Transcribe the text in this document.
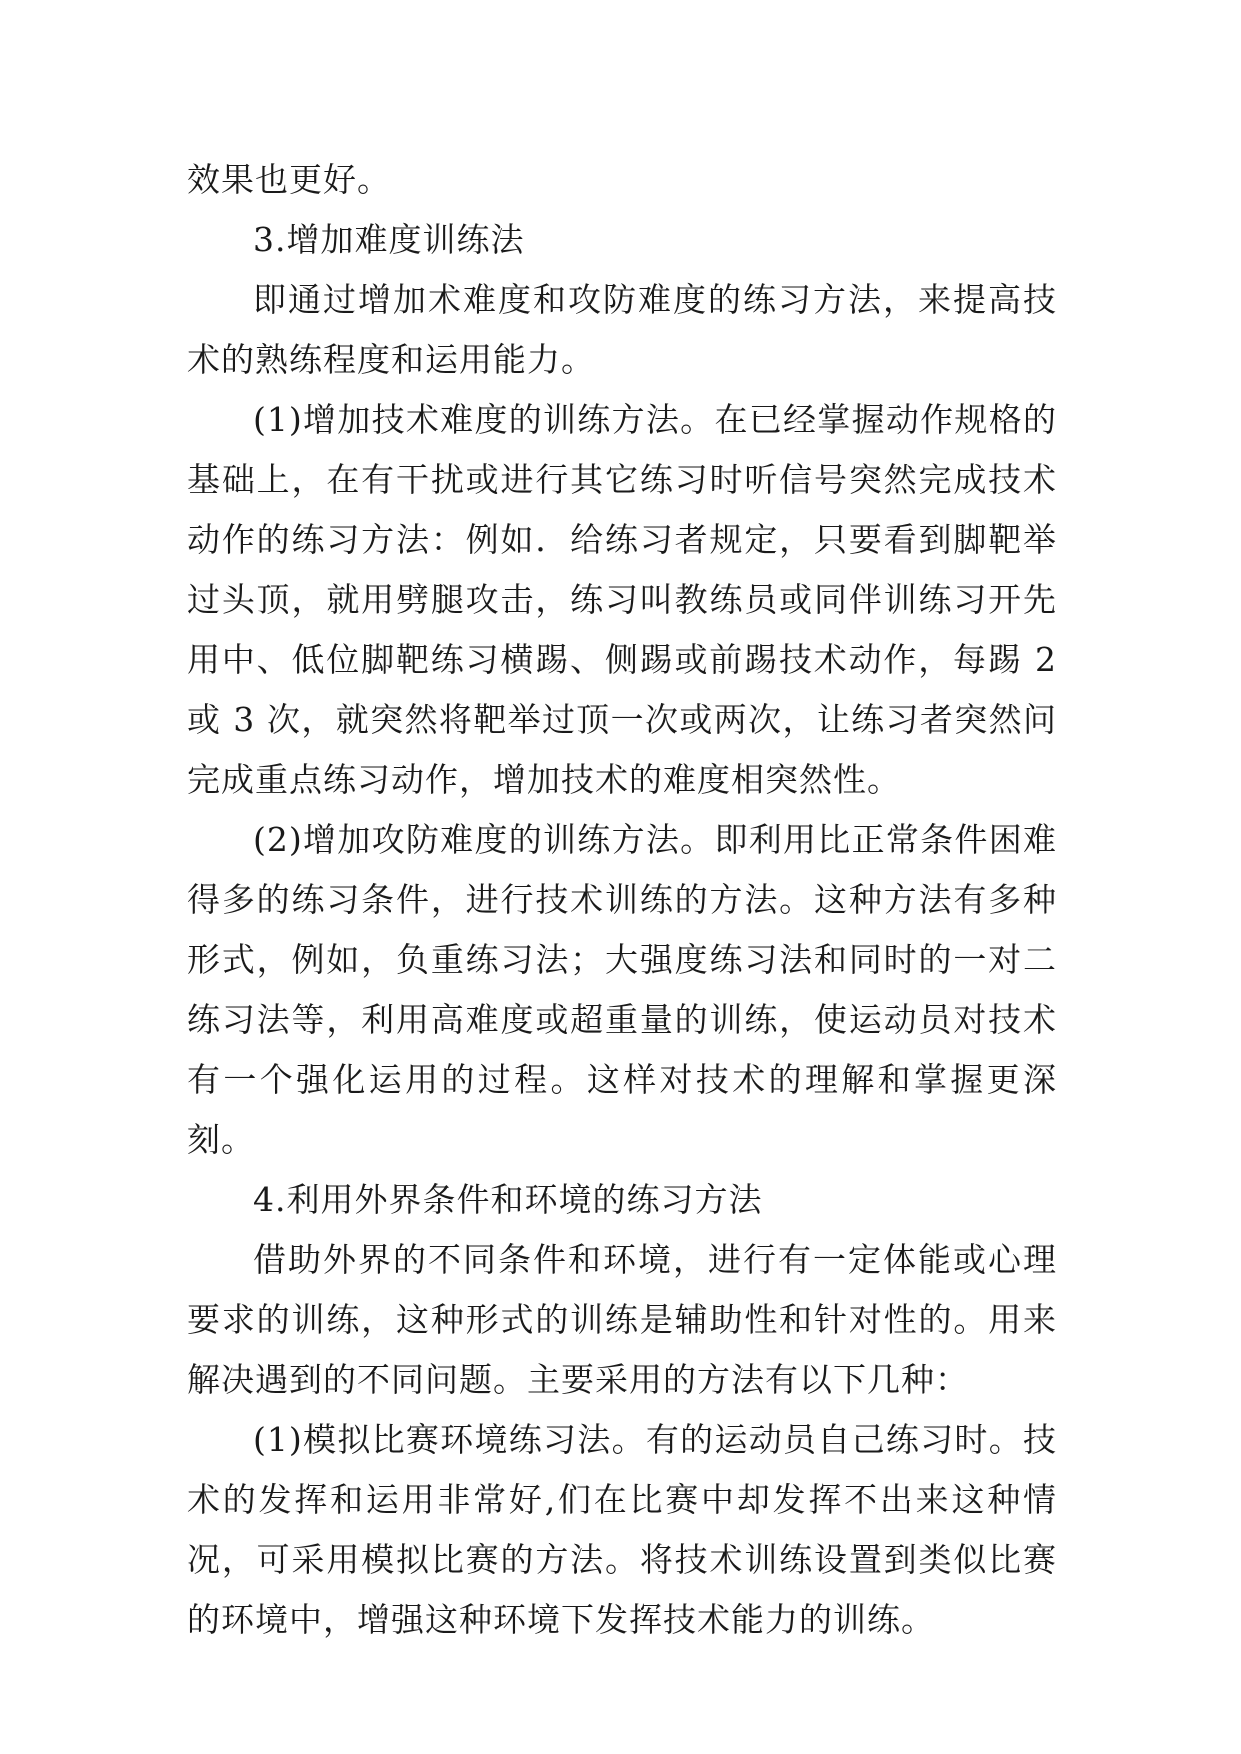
效果也更好。

3.增加难度训练法

即通过增加术难度和攻防难度的练习方法，来提高技术的熟练程度和运用能力。

(1)增加技术难度的训练方法。在已经掌握动作规格的基础上，在有干扰或进行其它练习时听信号突然完成技术动作的练习方法：例如．给练习者规定，只要看到脚靶举过头顶，就用劈腿攻击，练习叫教练员或同伴训练习开先用中、低位脚靶练习横踢、侧踢或前踢技术动作，每踢 2 或 3 次，就突然将靶举过顶一次或两次，让练习者突然问完成重点练习动作，增加技术的难度相突然性。

(2)增加攻防难度的训练方法。即利用比正常条件困难得多的练习条件，进行技术训练的方法。这种方法有多种形式，例如，负重练习法；大强度练习法和同时的一对二练习法等，利用高难度或超重量的训练，使运动员对技术有一个强化运用的过程。这样对技术的理解和掌握更深刻。

4.利用外界条件和环境的练习方法

借助外界的不同条件和环境，进行有一定体能或心理要求的训练，这种形式的训练是辅助性和针对性的。用来解决遇到的不同问题。主要采用的方法有以下几种：

(1)模拟比赛环境练习法。有的运动员自己练习时。技术的发挥和运用非常好,们在比赛中却发挥不出来这种情况，可采用模拟比赛的方法。将技术训练设置到类似比赛的环境中，增强这种环境下发挥技术能力的训练。
